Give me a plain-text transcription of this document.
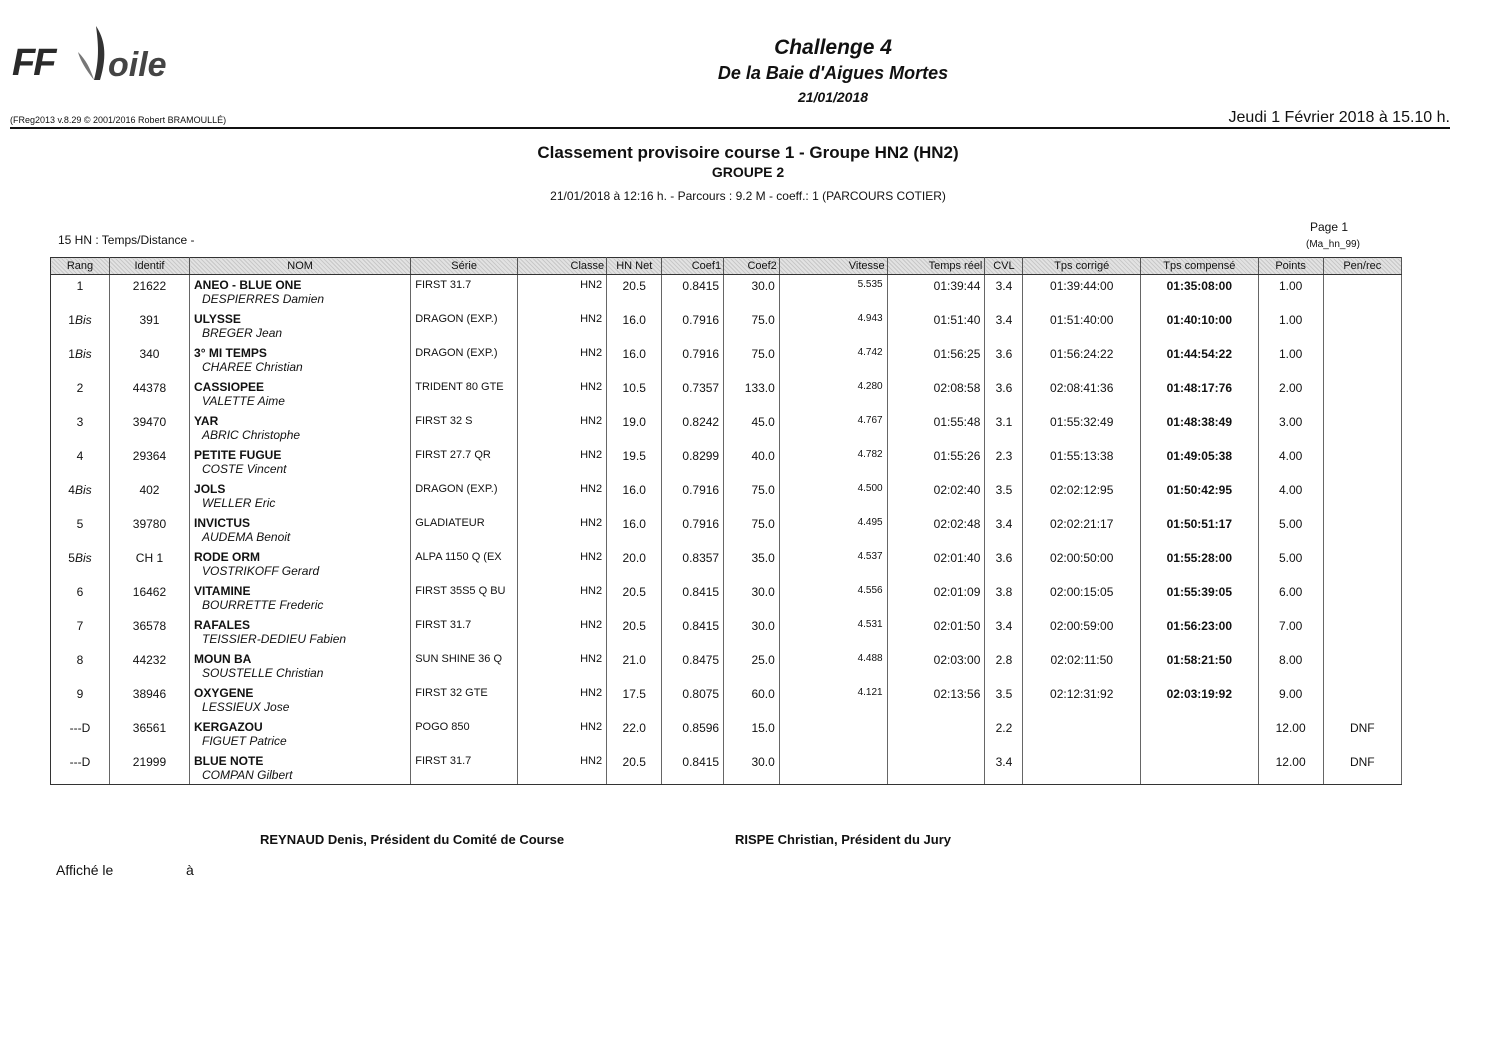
FF oile	Challenge 4
De la Baie d'Aigues Mortes
21/01/2018
(FReg2013 v.8.29 © 2001/2016 Robert BRAMOULLÉ)	Jeudi 1 Février 2018 à 15.10 h.
Classement provisoire course 1 - Groupe HN2 (HN2)
GROUPE 2
21/01/2018 à 12:16 h. - Parcours : 9.2 M - coeff.: 1 (PARCOURS COTIER)
15 HN : Temps/Distance -
Page 1
(Ma_hn_99)
Rang	Identif	NOM	Série	Classe	HN Net	Coef1	Coef2	Vitesse	Temps réel	CVL	Tps corrigé	Tps compensé	Points	Pen/rec
1	21622	ANEO - BLUE ONE
DESPIERRES Damien	FIRST 31.7	HN2	20.5	0.8415	30.0	5.535	01:39:44	3.4	01:39:44:00	01:35:08:00	1.00	
1Bis	391	ULYSSE
BREGER Jean	DRAGON (EXP.)	HN2	16.0	0.7916	75.0	4.943	01:51:40	3.4	01:51:40:00	01:40:10:00	1.00	
1Bis	340	3° MI TEMPS
CHAREE Christian	DRAGON (EXP.)	HN2	16.0	0.7916	75.0	4.742	01:56:25	3.6	01:56:24:22	01:44:54:22	1.00	
2	44378	CASSIOPEE
VALETTE Aime	TRIDENT 80 GTE	HN2	10.5	0.7357	133.0	4.280	02:08:58	3.6	02:08:41:36	01:48:17:76	2.00	
3	39470	YAR
ABRIC Christophe	FIRST 32 S	HN2	19.0	0.8242	45.0	4.767	01:55:48	3.1	01:55:32:49	01:48:38:49	3.00	
4	29364	PETITE FUGUE
COSTE Vincent	FIRST 27.7 QR	HN2	19.5	0.8299	40.0	4.782	01:55:26	2.3	01:55:13:38	01:49:05:38	4.00	
4Bis	402	JOLS
WELLER Eric	DRAGON (EXP.)	HN2	16.0	0.7916	75.0	4.500	02:02:40	3.5	02:02:12:95	01:50:42:95	4.00	
5	39780	INVICTUS
AUDEMA Benoit	GLADIATEUR	HN2	16.0	0.7916	75.0	4.495	02:02:48	3.4	02:02:21:17	01:50:51:17	5.00	
5Bis	CH 1	RODE ORM
VOSTRIKOFF Gerard	ALPA 1150 Q (EX	HN2	20.0	0.8357	35.0	4.537	02:01:40	3.6	02:00:50:00	01:55:28:00	5.00	
6	16462	VITAMINE
BOURRETTE Frederic	FIRST 35S5 Q BU	HN2	20.5	0.8415	30.0	4.556	02:01:09	3.8	02:00:15:05	01:55:39:05	6.00	
7	36578	RAFALES
TEISSIER-DEDIEU Fabien	FIRST 31.7	HN2	20.5	0.8415	30.0	4.531	02:01:50	3.4	02:00:59:00	01:56:23:00	7.00	
8	44232	MOUN BA
SOUSTELLE Christian	SUN SHINE 36 Q	HN2	21.0	0.8475	25.0	4.488	02:03:00	2.8	02:02:11:50	01:58:21:50	8.00	
9	38946	OXYGENE
LESSIEUX Jose	FIRST 32 GTE	HN2	17.5	0.8075	60.0	4.121	02:13:56	3.5	02:12:31:92	02:03:19:92	9.00	
---D	36561	KERGAZOU
FIGUET Patrice	POGO 850	HN2	22.0	0.8596	15.0			2.2			12.00	DNF
---D	21999	BLUE NOTE
COMPAN Gilbert	FIRST 31.7	HN2	20.5	0.8415	30.0			3.4			12.00	DNF
REYNAUD Denis, Président du Comité de Course	RISPE Christian, Président du Jury
Affiché le	à
